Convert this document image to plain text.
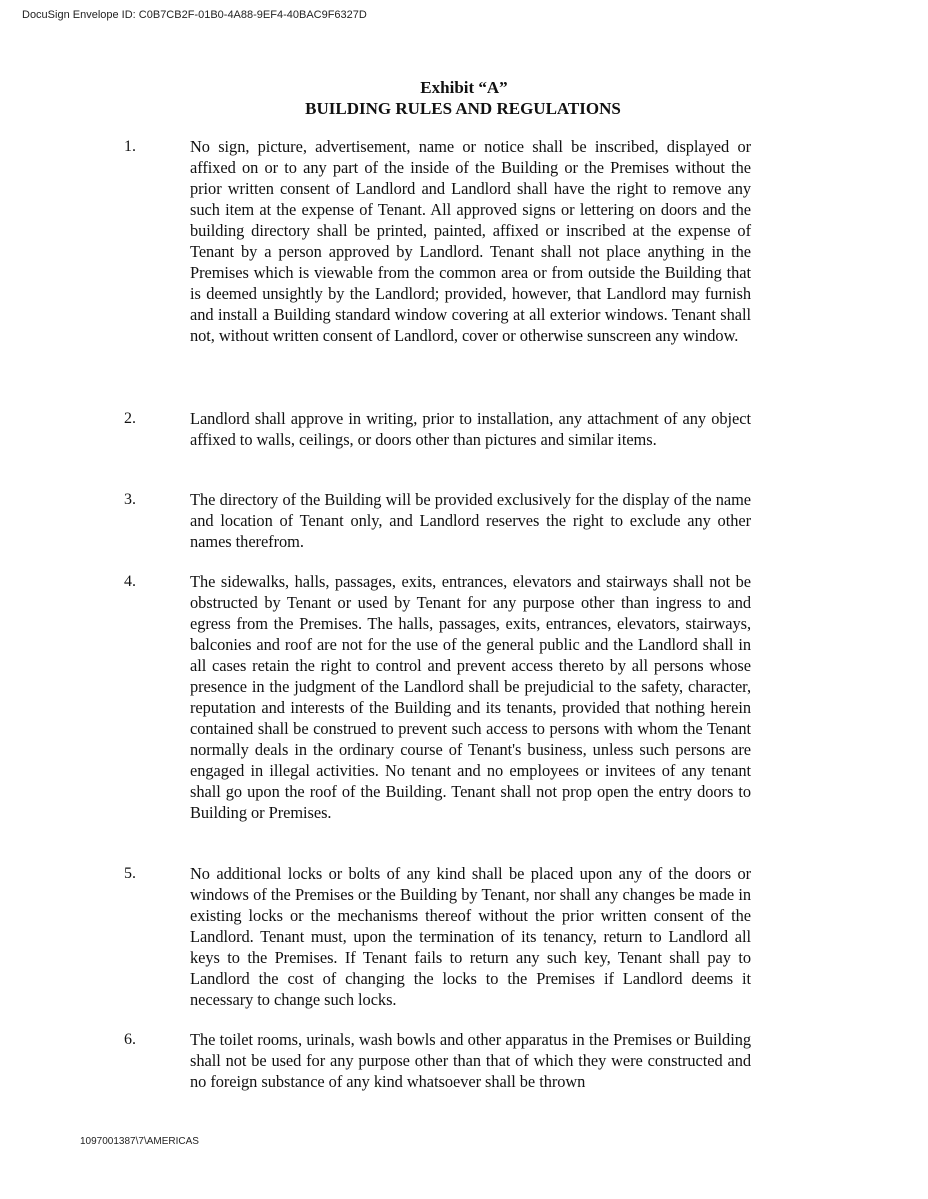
DocuSign Envelope ID: C0B7CB2F-01B0-4A88-9EF4-40BAC9F6327D
Exhibit “A”
BUILDING RULES AND REGULATIONS
1.	No sign, picture, advertisement, name or notice shall be inscribed, displayed or affixed on or to any part of the inside of the Building or the Premises without the prior written consent of Landlord and Landlord shall have the right to remove any such item at the expense of Tenant. All approved signs or lettering on doors and the building directory shall be printed, painted, affixed or inscribed at the expense of Tenant by a person approved by Landlord. Tenant shall not place anything in the Premises which is viewable from the common area or from outside the Building that is deemed unsightly by the Landlord; provided, however, that Landlord may furnish and install a Building standard window covering at all exterior windows. Tenant shall not, without written consent of Landlord, cover or otherwise sunscreen any window.
2.	Landlord shall approve in writing, prior to installation, any attachment of any object affixed to walls, ceilings, or doors other than pictures and similar items.
3.	The directory of the Building will be provided exclusively for the display of the name and location of Tenant only, and Landlord reserves the right to exclude any other names therefrom.
4.	The sidewalks, halls, passages, exits, entrances, elevators and stairways shall not be obstructed by Tenant or used by Tenant for any purpose other than ingress to and egress from the Premises. The halls, passages, exits, entrances, elevators, stairways, balconies and roof are not for the use of the general public and the Landlord shall in all cases retain the right to control and prevent access thereto by all persons whose presence in the judgment of the Landlord shall be prejudicial to the safety, character, reputation and interests of the Building and its tenants, provided that nothing herein contained shall be construed to prevent such access to persons with whom the Tenant normally deals in the ordinary course of Tenant's business, unless such persons are engaged in illegal activities. No tenant and no employees or invitees of any tenant shall go upon the roof of the Building. Tenant shall not prop open the entry doors to Building or Premises.
5.	No additional locks or bolts of any kind shall be placed upon any of the doors or windows of the Premises or the Building by Tenant, nor shall any changes be made in existing locks or the mechanisms thereof without the prior written consent of the Landlord. Tenant must, upon the termination of its tenancy, return to Landlord all keys to the Premises. If Tenant fails to return any such key, Tenant shall pay to Landlord the cost of changing the locks to the Premises if Landlord deems it necessary to change such locks.
6.	The toilet rooms, urinals, wash bowls and other apparatus in the Premises or Building shall not be used for any purpose other than that of which they were constructed and no foreign substance of any kind whatsoever shall be thrown
1097001387\7\AMERICAS
